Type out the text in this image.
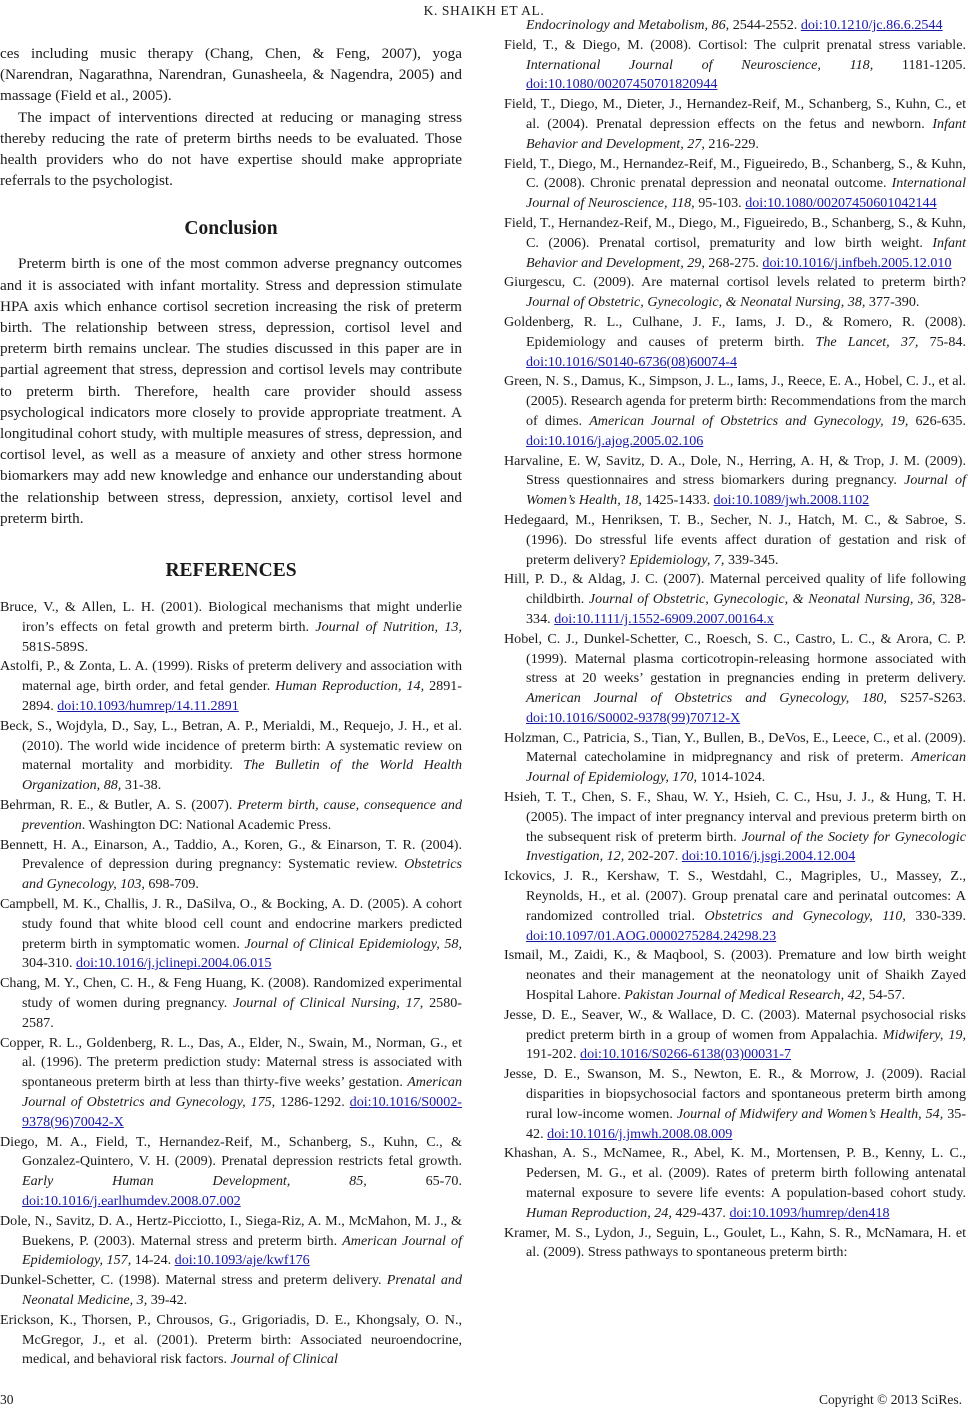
K. SHAIKH ET AL.

ces including music therapy (Chang, Chen, & Feng, 2007), yoga (Narendran, Nagarathna, Narendran, Gunasheela, & Nagendra, 2005) and massage (Field et al., 2005).

The impact of interventions directed at reducing or managing stress thereby reducing the rate of preterm births needs to be evaluated. Those health providers who do not have expertise should make appropriate referrals to the psychologist.

Conclusion

Preterm birth is one of the most common adverse pregnancy outcomes and it is associated with infant mortality. Stress and depression stimulate HPA axis which enhance cortisol secretion increasing the risk of preterm birth. The relationship between stress, depression, cortisol level and preterm birth remains unclear. The studies discussed in this paper are in partial agreement that stress, depression and cortisol levels may contribute to preterm birth. Therefore, health care provider should assess psychological indicators more closely to provide appropriate treatment. A longitudinal cohort study, with multiple measures of stress, depression, and cortisol level, as well as a measure of anxiety and other stress hormone biomarkers may add new knowledge and enhance our understanding about the relationship between stress, depression, anxiety, cortisol level and preterm birth.

REFERENCES

Bruce, V., & Allen, L. H. (2001). Biological mechanisms that might underlie iron’s effects on fetal growth and preterm birth. Journal of Nutrition, 13, 581S-589S.

Astolfi, P., & Zonta, L. A. (1999). Risks of preterm delivery and association with maternal age, birth order, and fetal gender. Human Reproduction, 14, 2891-2894. doi:10.1093/humrep/14.11.2891

Beck, S., Wojdyla, D., Say, L., Betran, A. P., Merialdi, M., Requejo, J. H., et al. (2010). The world wide incidence of preterm birth: A systematic review on maternal mortality and morbidity. The Bulletin of the World Health Organization, 88, 31-38.

Behrman, R. E., & Butler, A. S. (2007). Preterm birth, cause, consequence and prevention. Washington DC: National Academic Press.

Bennett, H. A., Einarson, A., Taddio, A., Koren, G., & Einarson, T. R. (2004). Prevalence of depression during pregnancy: Systematic review. Obstetrics and Gynecology, 103, 698-709.

Campbell, M. K., Challis, J. R., DaSilva, O., & Bocking, A. D. (2005). A cohort study found that white blood cell count and endocrine markers predicted preterm birth in symptomatic women. Journal of Clinical Epidemiology, 58, 304-310. doi:10.1016/j.jclinepi.2004.06.015

Chang, M. Y., Chen, C. H., & Feng Huang, K. (2008). Randomized experimental study of women during pregnancy. Journal of Clinical Nursing, 17, 2580-2587.

Copper, R. L., Goldenberg, R. L., Das, A., Elder, N., Swain, M., Norman, G., et al. (1996). The preterm prediction study: Maternal stress is associated with spontaneous preterm birth at less than thirty-five weeks’ gestation. American Journal of Obstetrics and Gynecology, 175, 1286-1292. doi:10.1016/S0002-9378(96)70042-X

Diego, M. A., Field, T., Hernandez-Reif, M., Schanberg, S., Kuhn, C., & Gonzalez-Quintero, V. H. (2009). Prenatal depression restricts fetal growth. Early Human Development, 85, 65-70. doi:10.1016/j.earlhumdev.2008.07.002

Dole, N., Savitz, D. A., Hertz-Picciotto, I., Siega-Riz, A. M., McMahon, M. J., & Buekens, P. (2003). Maternal stress and preterm birth. American Journal of Epidemiology, 157, 14-24. doi:10.1093/aje/kwf176

Dunkel-Schetter, C. (1998). Maternal stress and preterm delivery. Prenatal and Neonatal Medicine, 3, 39-42.

Erickson, K., Thorsen, P., Chrousos, G., Grigoriadis, D. E., Khongsaly, O. N., McGregor, J., et al. (2001). Preterm birth: Associated neuroendocrine, medical, and behavioral risk factors. Journal of Clinical

Endocrinology and Metabolism, 86, 2544-2552. doi:10.1210/jc.86.6.2544

Field, T., & Diego, M. (2008). Cortisol: The culprit prenatal stress variable. International Journal of Neuroscience, 118, 1181-1205. doi:10.1080/00207450701820944

Field, T., Diego, M., Dieter, J., Hernandez-Reif, M., Schanberg, S., Kuhn, C., et al. (2004). Prenatal depression effects on the fetus and newborn. Infant Behavior and Development, 27, 216-229.

Field, T., Diego, M., Hernandez-Reif, M., Figueiredo, B., Schanberg, S., & Kuhn, C. (2008). Chronic prenatal depression and neonatal outcome. International Journal of Neuroscience, 118, 95-103. doi:10.1080/00207450601042144

Field, T., Hernandez-Reif, M., Diego, M., Figueiredo, B., Schanberg, S., & Kuhn, C. (2006). Prenatal cortisol, prematurity and low birth weight. Infant Behavior and Development, 29, 268-275. doi:10.1016/j.infbeh.2005.12.010

Giurgescu, C. (2009). Are maternal cortisol levels related to preterm birth? Journal of Obstetric, Gynecologic, & Neonatal Nursing, 38, 377-390.

Goldenberg, R. L., Culhane, J. F., Iams, J. D., & Romero, R. (2008). Epidemiology and causes of preterm birth. The Lancet, 37, 75-84. doi:10.1016/S0140-6736(08)60074-4

Green, N. S., Damus, K., Simpson, J. L., Iams, J., Reece, E. A., Hobel, C. J., et al. (2005). Research agenda for preterm birth: Recommendations from the march of dimes. American Journal of Obstetrics and Gynecology, 19, 626-635. doi:10.1016/j.ajog.2005.02.106

Harvaline, E. W, Savitz, D. A., Dole, N., Herring, A. H, & Trop, J. M. (2009). Stress questionnaires and stress biomarkers during pregnancy. Journal of Women’s Health, 18, 1425-1433. doi:10.1089/jwh.2008.1102

Hedegaard, M., Henriksen, T. B., Secher, N. J., Hatch, M. C., & Sabroe, S. (1996). Do stressful life events affect duration of gestation and risk of preterm delivery? Epidemiology, 7, 339-345.

Hill, P. D., & Aldag, J. C. (2007). Maternal perceived quality of life following childbirth. Journal of Obstetric, Gynecologic, & Neonatal Nursing, 36, 328-334. doi:10.1111/j.1552-6909.2007.00164.x

Hobel, C. J., Dunkel-Schetter, C., Roesch, S. C., Castro, L. C., & Arora, C. P. (1999). Maternal plasma corticotropin-releasing hormone associated with stress at 20 weeks’ gestation in pregnancies ending in preterm delivery. American Journal of Obstetrics and Gynecology, 180, S257-S263. doi:10.1016/S0002-9378(99)70712-X

Holzman, C., Patricia, S., Tian, Y., Bullen, B., DeVos, E., Leece, C., et al. (2009). Maternal catecholamine in midpregnancy and risk of preterm. American Journal of Epidemiology, 170, 1014-1024.

Hsieh, T. T., Chen, S. F., Shau, W. Y., Hsieh, C. C., Hsu, J. J., & Hung, T. H. (2005). The impact of inter pregnancy interval and previous preterm birth on the subsequent risk of preterm birth. Journal of the Society for Gynecologic Investigation, 12, 202-207. doi:10.1016/j.jsgi.2004.12.004

Ickovics, J. R., Kershaw, T. S., Westdahl, C., Magriples, U., Massey, Z., Reynolds, H., et al. (2007). Group prenatal care and perinatal outcomes: A randomized controlled trial. Obstetrics and Gynecology, 110, 330-339. doi:10.1097/01.AOG.0000275284.24298.23

Ismail, M., Zaidi, K., & Maqbool, S. (2003). Premature and low birth weight neonates and their management at the neonatology unit of Shaikh Zayed Hospital Lahore. Pakistan Journal of Medical Research, 42, 54-57.

Jesse, D. E., Seaver, W., & Wallace, D. C. (2003). Maternal psychosocial risks predict preterm birth in a group of women from Appalachia. Midwifery, 19, 191-202. doi:10.1016/S0266-6138(03)00031-7

Jesse, D. E., Swanson, M. S., Newton, E. R., & Morrow, J. (2009). Racial disparities in biopsychosocial factors and spontaneous preterm birth among rural low-income women. Journal of Midwifery and Women’s Health, 54, 35-42. doi:10.1016/j.jmwh.2008.08.009

Khashan, A. S., McNamee, R., Abel, K. M., Mortensen, P. B., Kenny, L. C., Pedersen, M. G., et al. (2009). Rates of preterm birth following antenatal maternal exposure to severe life events: A population-based cohort study. Human Reproduction, 24, 429-437. doi:10.1093/humrep/den418

Kramer, M. S., Lydon, J., Seguin, L., Goulet, L., Kahn, S. R., McNamara, H. et al. (2009). Stress pathways to spontaneous preterm birth:

30	Copyright © 2013 SciRes.
